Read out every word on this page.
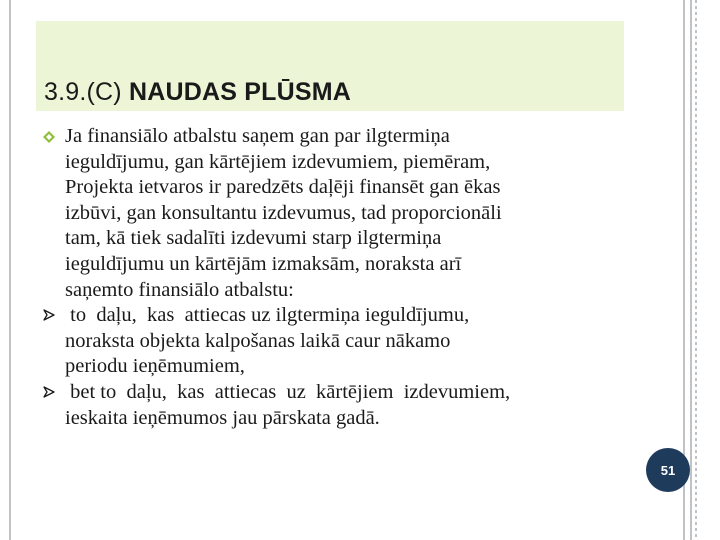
3.9.(C) NAUDAS PLŪSMA

Ja finansiālo atbalstu saņem gan par ilgtermiņa

ieguldījumu, gan kārtējiem izdevumiem, piemēram,

Projekta ietvaros ir paredzēts daļēji finansēt gan ēkas

izbūvi, gan konsultantu izdevumus, tad proporcionāli

tam, kā tiek sadalīti izdevumi starp ilgtermiņa

ieguldījumu un kārtējām izmaksām, noraksta arī

saņemto finansiālo atbalstu:

to  daļu,  kas  attiecas uz ilgtermiņa ieguldījumu,

noraksta objekta kalpošanas laikā caur nākamo

periodu ieņēmumiem,

bet to  daļu,  kas  attiecas  uz  kārtējiem  izdevumiem,

ieskaita ieņēmumos jau pārskata gadā.

51
